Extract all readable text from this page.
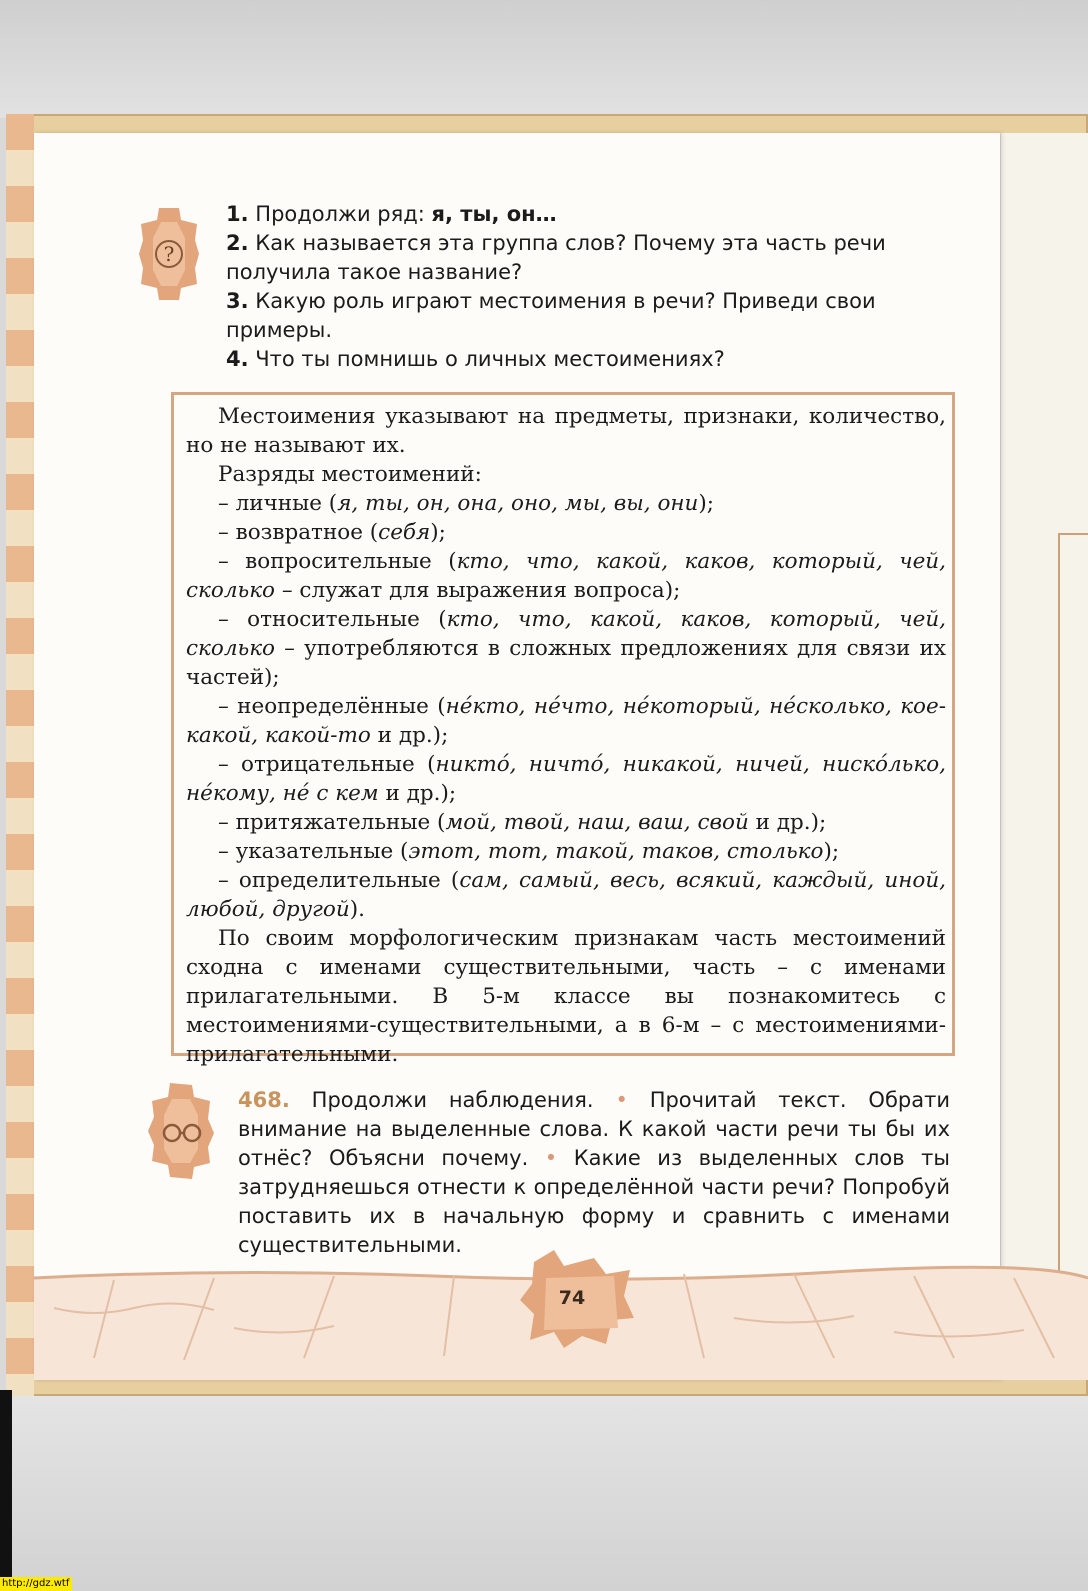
?

1. Продолжи ряд: я, ты, он…

2. Как называется эта группа слов? Почему эта часть речи получила такое название?

3. Какую роль играют местоимения в речи? Приведи свои примеры.

4. Что ты помнишь о личных местоимениях?

Местоимения указывают на предметы, признаки, количество, но не называют их.

Разряды местоимений:

– личные (я, ты, он, она, оно, мы, вы, они);

– возвратное (себя);

– вопросительные (кто, что, какой, каков, который, чей, сколько – служат для выражения вопроса);

– относительные (кто, что, какой, каков, который, чей, сколько – употребляются в сложных предложениях для связи их частей);

– неопределённые (не́кто, не́что, не́который, не́сколько, кое-какой, какой-то и др.);

– отрицательные (никто́, ничто́, никакой, ничей, ниско́лько, не́кому, не́ с кем и др.);

– притяжательные (мой, твой, наш, ваш, свой и др.);

– указательные (этот, тот, такой, таков, столько);

– определительные (сам, самый, весь, всякий, каждый, иной, любой, другой).

По своим морфологическим признакам часть местоимений сходна с именами существительными, часть – с именами прилагательными. В 5-м классе вы познакомитесь с местоимениями-существительными, а в 6-м – с местоимениями-прилагательными.

468. Продолжи наблюдения. • Прочитай текст. Обрати внимание на выделенные слова. К какой части речи ты бы их отнёс? Объясни почему. • Какие из выделенных слов ты затрудняешься отнести к определённой части речи? Попробуй поставить их в начальную форму и сравнить с именами существительными.

74
http://gdz.wtf
